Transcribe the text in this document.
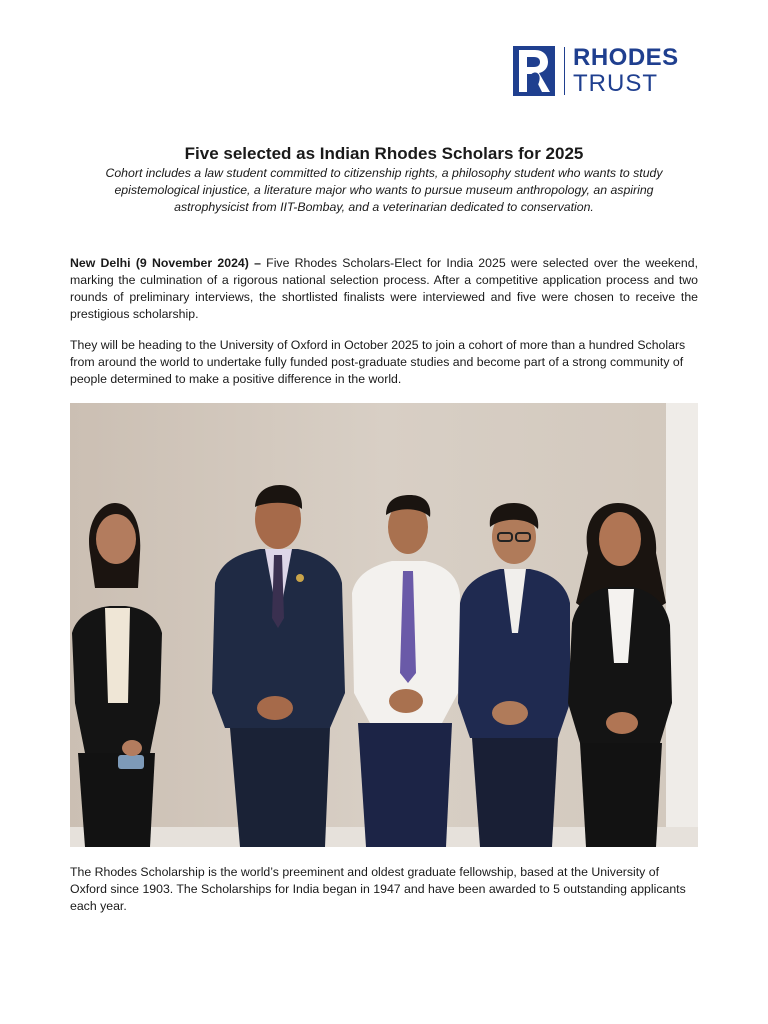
RHODES
TRUST
Five selected as Indian Rhodes Scholars for 2025

Cohort includes a law student committed to citizenship rights, a philosophy student who wants to study epistemological injustice, a literature major who wants to pursue museum anthropology, an aspiring astrophysicist from IIT-Bombay, and a veterinarian dedicated to conservation.

New Delhi (9 November 2024) – Five Rhodes Scholars-Elect for India 2025 were selected over the weekend, marking the culmination of a rigorous national selection process. After a competitive application process and two rounds of preliminary interviews, the shortlisted finalists were interviewed and five were chosen to receive the prestigious scholarship.

They will be heading to the University of Oxford in October 2025 to join a cohort of more than a hundred Scholars from around the world to undertake fully funded post-graduate studies and become part of a strong community of people determined to make a positive difference in the world.

The Rhodes Scholarship is the world’s preeminent and oldest graduate fellowship, based at the University of Oxford since 1903. The Scholarships for India began in 1947 and have been awarded to 5 outstanding applicants each year.
